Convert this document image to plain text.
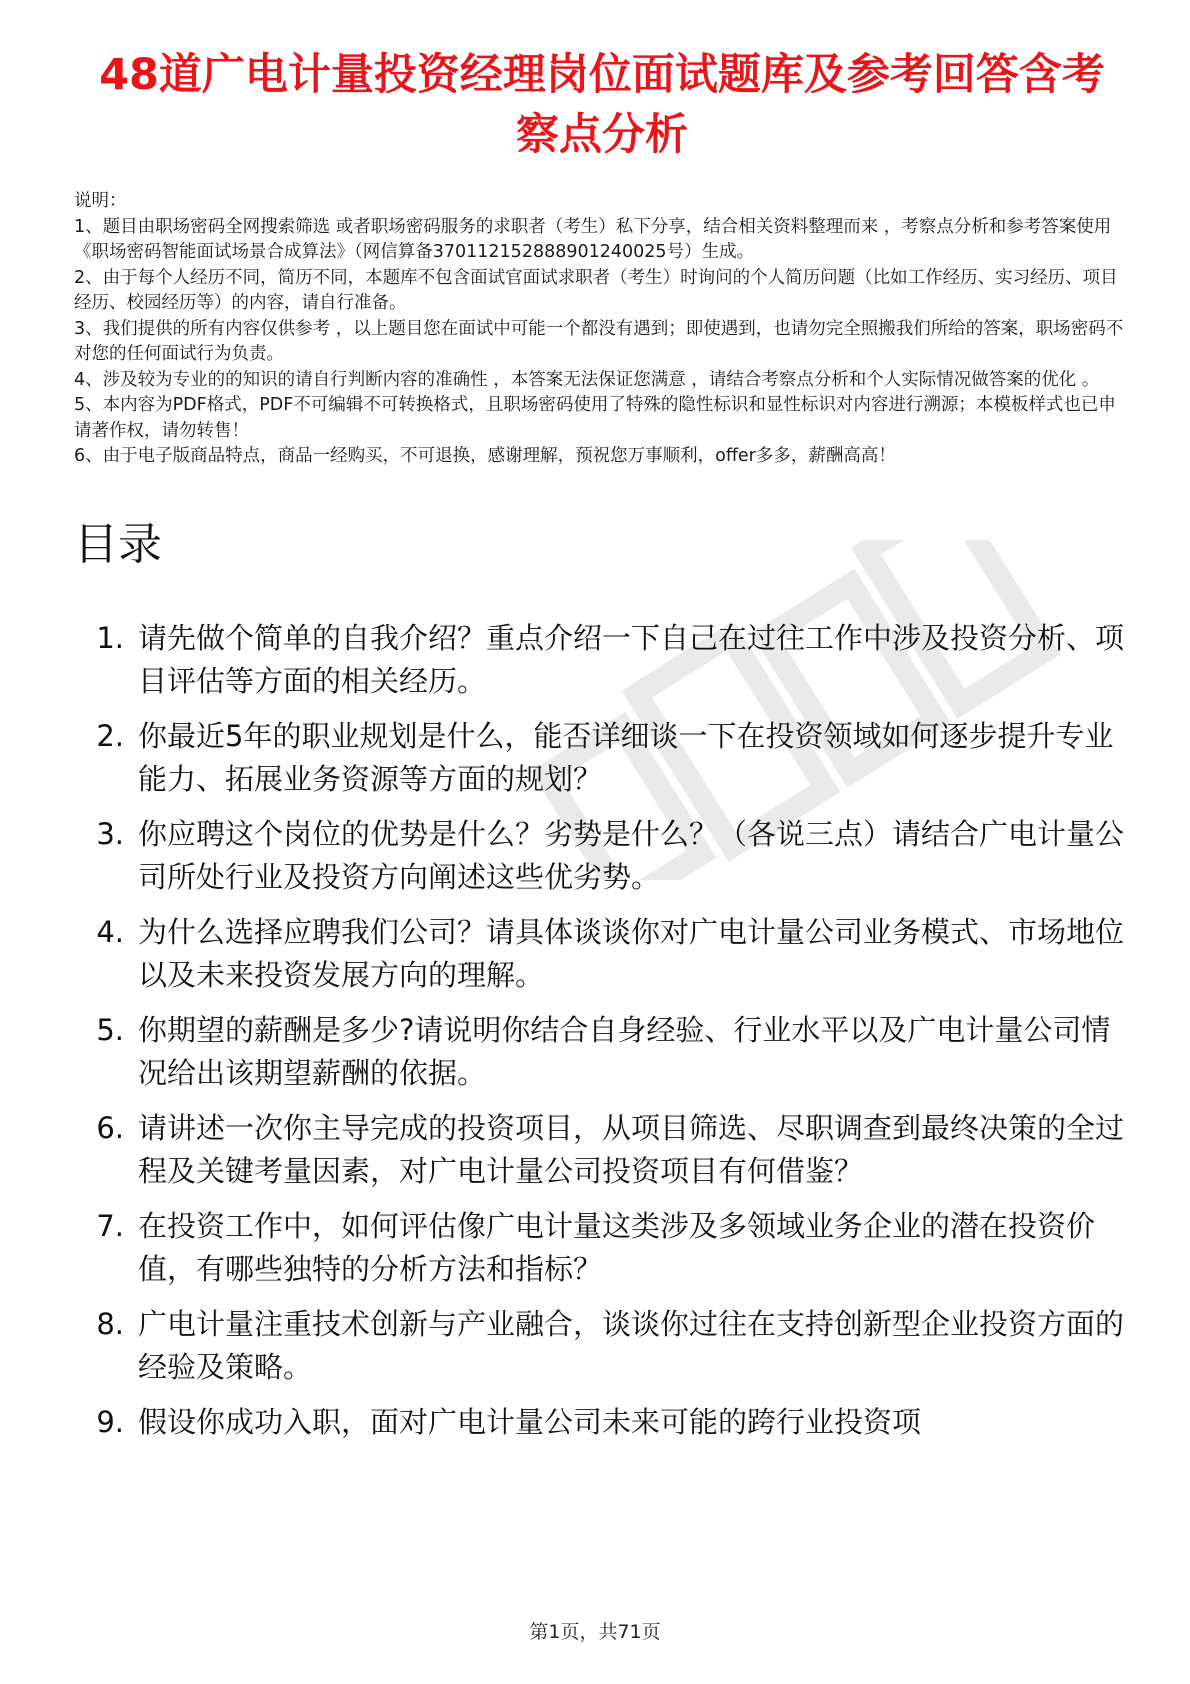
48道广电计量投资经理岗位面试题库及参考回答含考察点分析
说明：
1、题目由职场密码全网搜索筛选 或者职场密码服务的求职者（考生）私下分享，结合相关资料整理而来 ，考察点分析和参考答案使用《职场密码智能面试场景合成算法》（网信算备370112152888901240025号）生成。
2、由于每个人经历不同，简历不同，本题库不包含面试官面试求职者（考生）时询问的个人简历问题（比如工作经历、实习经历、项目经历、校园经历等）的内容，请自行准备。
3、我们提供的所有内容仅供参考 ，以上题目您在面试中可能一个都没有遇到；即使遇到，也请勿完全照搬我们所给的答案，职场密码不对您的任何面试行为负责。
4、涉及较为专业的的知识的请自行判断内容的准确性 ，本答案无法保证您满意 ，请结合考察点分析和个人实际情况做答案的优化 。
5、本内容为PDF格式，PDF不可编辑不可转换格式，且职场密码使用了特殊的隐性标识和显性标识对内容进行溯源；本模板样式也已申请著作权，请勿转售！
6、由于电子版商品特点，商品一经购买，不可退换，感谢理解，预祝您万事顺利，offer多多，薪酬高高！
目录
1. 请先做个简单的自我介绍？重点介绍一下自己在过往工作中涉及投资分析、项目评估等方面的相关经历。
2. 你最近5年的职业规划是什么，能否详细谈一下在投资领域如何逐步提升专业能力、拓展业务资源等方面的规划？
3. 你应聘这个岗位的优势是什么？劣势是什么？（各说三点）请结合广电计量公司所处行业及投资方向阐述这些优劣势。
4. 为什么选择应聘我们公司？请具体谈谈你对广电计量公司业务模式、市场地位以及未来投资发展方向的理解。
5. 你期望的薪酬是多少?请说明你结合自身经验、行业水平以及广电计量公司情况给出该期望薪酬的依据。
6. 请讲述一次你主导完成的投资项目，从项目筛选、尽职调查到最终决策的全过程及关键考量因素，对广电计量公司投资项目有何借鉴？
7. 在投资工作中，如何评估像广电计量这类涉及多领域业务企业的潜在投资价值，有哪些独特的分析方法和指标？
8. 广电计量注重技术创新与产业融合，谈谈你过往在支持创新型企业投资方面的经验及策略。
9. 假设你成功入职，面对广电计量公司未来可能的跨行业投资项
第1页，共71页
